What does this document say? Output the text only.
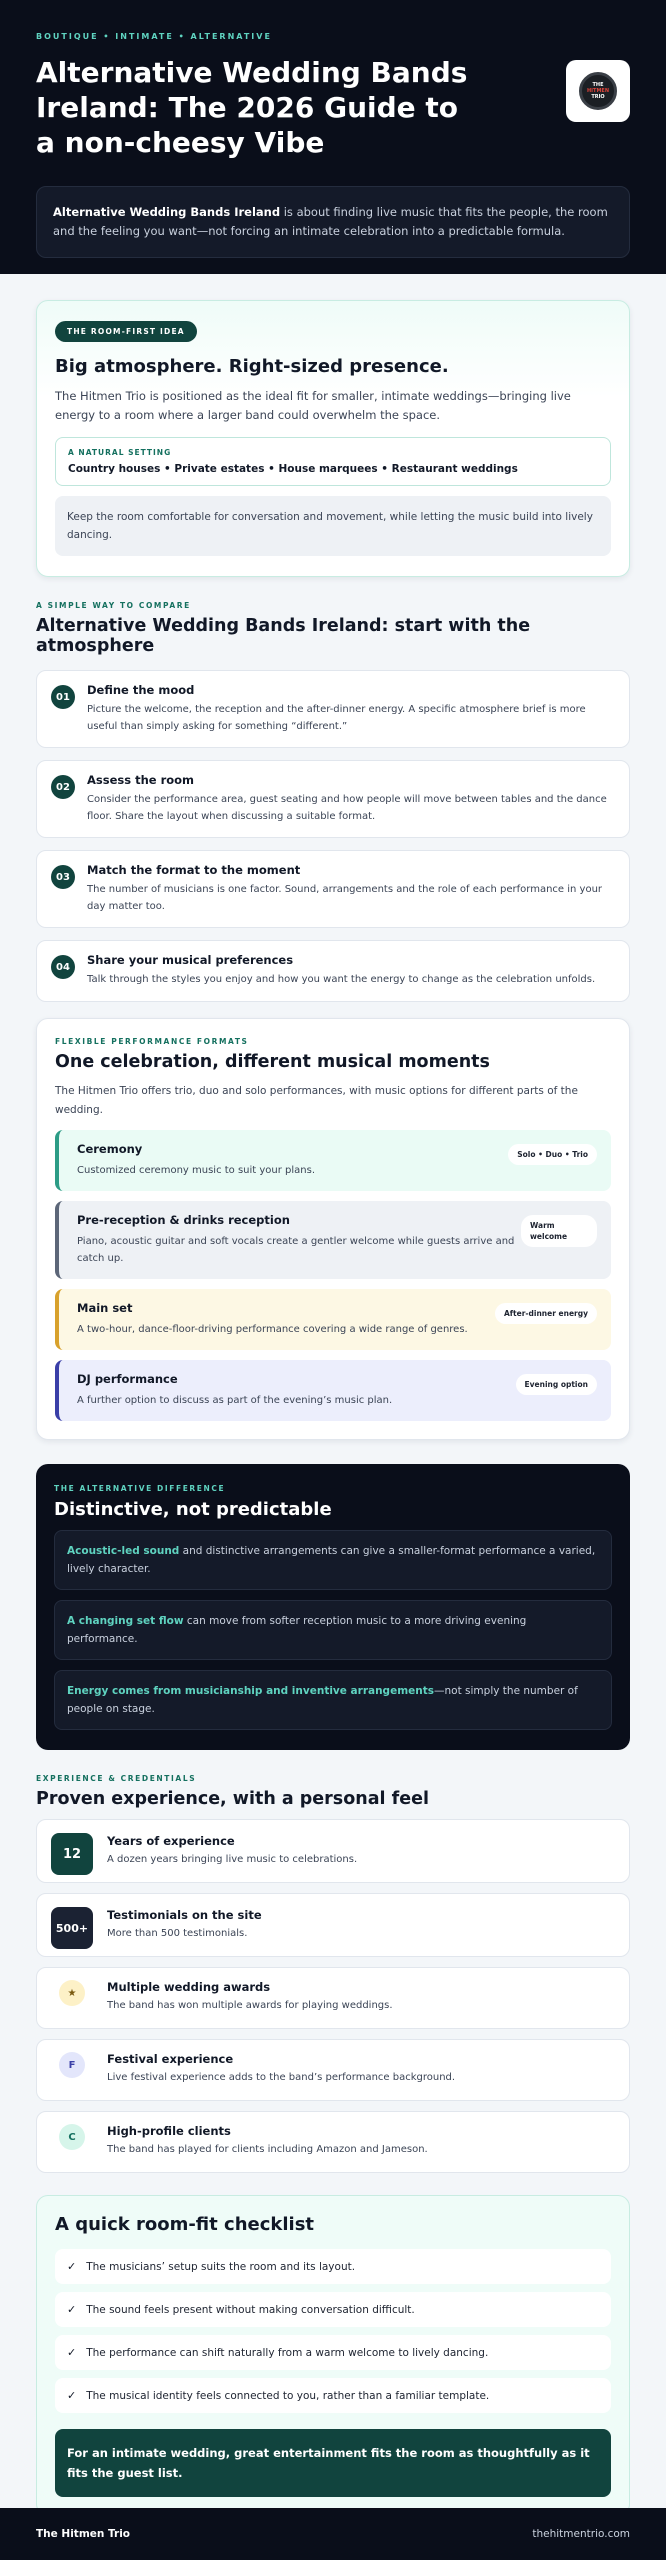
BOUTIQUE • INTIMATE • ALTERNATIVE
Alternative Wedding Bands Ireland: The 2026 Guide to a non-cheesy Vibe
THE
HITMEN
TRIO
Alternative Wedding Bands Ireland is about finding live music that fits the people, the room and the feeling you want—not forcing an intimate celebration into a predictable formula.
THE ROOM-FIRST IDEA
Big atmosphere. Right-sized presence.

The Hitmen Trio is positioned as the ideal fit for smaller, intimate weddings—bringing live energy to a room where a larger band could overwhelm the space.

A NATURAL SETTING
Country houses • Private estates • House marquees • Restaurant weddings
Keep the room comfortable for conversation and movement, while letting the music build into lively dancing.
A SIMPLE WAY TO COMPARE
Alternative Wedding Bands Ireland: start with the atmosphere
01	Define the mood
Picture the welcome, the reception and the after-dinner energy. A specific atmosphere brief is more useful than simply asking for something “different.”
02	Assess the room
Consider the performance area, guest seating and how people will move between tables and the dance floor. Share the layout when discussing a suitable format.
03	Match the format to the moment
The number of musicians is one factor. Sound, arrangements and the role of each performance in your day matter too.
04	Share your musical preferences
Talk through the styles you enjoy and how you want the energy to change as the celebration unfolds.
FLEXIBLE PERFORMANCE FORMATS
One celebration, different musical moments

The Hitmen Trio offers trio, duo and solo performances, with music options for different parts of the wedding.

Ceremony
Customized ceremony music to suit your plans.
Solo • Duo • Trio
Pre-reception & drinks reception
Piano, acoustic guitar and soft vocals create a gentler welcome while guests arrive and catch up.
Warm welcome
Main set
A two-hour, dance-floor-driving performance covering a wide range of genres.
After-dinner energy
DJ performance
A further option to discuss as part of the evening’s music plan.
Evening option
THE ALTERNATIVE DIFFERENCE
Distinctive, not predictable
Acoustic-led sound and distinctive arrangements can give a smaller-format performance a varied, lively character.
A changing set flow can move from softer reception music to a more driving evening performance.
Energy comes from musicianship and inventive arrangements—not simply the number of people on stage.
EXPERIENCE & CREDENTIALS
Proven experience, with a personal feel
12
Years of experience
A dozen years bringing live music to celebrations.
500+
Testimonials on the site
More than 500 testimonials.
★	Multiple wedding awards
The band has won multiple awards for playing weddings.
F	Festival experience
Live festival experience adds to the band’s performance background.
C	High-profile clients
The band has played for clients including Amazon and Jameson.
A quick room-fit checklist
✓ The musicians’ setup suits the room and its layout.
✓ The sound feels present without making conversation difficult.
✓ The performance can shift naturally from a warm welcome to lively dancing.
✓ The musical identity feels connected to you, rather than a familiar template.
For an intimate wedding, great entertainment fits the room as thoughtfully as it fits the guest list.
The Hitmen Trio	thehitmentrio.com
